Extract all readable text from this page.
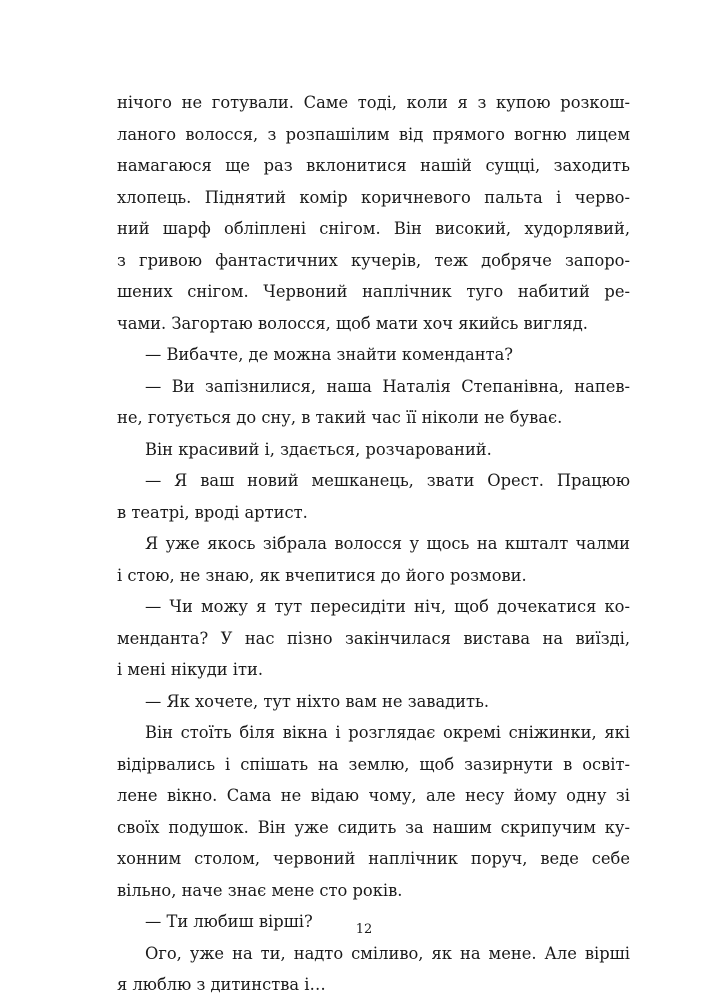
нічого не готували. Саме тоді, коли я з купою розкош-
ланого волосся, з розпашілим від прямого вогню лицем
намагаюся ще раз вклонитися нашій сущці, заходить
хлопець. Піднятий комір коричневого пальта і черво-
ний шарф обліплені снігом. Він високий, худорлявий,
з гривою фантастичних кучерів, теж добряче запоро-
шених снігом. Червоний наплічник туго набитий ре-
чами. Загортаю волосся, щоб мати хоч якийсь вигляд.
— Вибачте, де можна знайти коменданта?
— Ви запізнилися, наша Наталія Степанівна, напев-
не, готується до сну, в такий час її ніколи не буває.
Він красивий і, здається, розчарований.
— Я ваш новий мешканець, звати Орест. Працюю
в театрі, вроді артист.
Я уже якось зібрала волосся у щось на кшталт чалми
і стою, не знаю, як вчепитися до його розмови.
— Чи можу я тут пересидіти ніч, щоб дочекатися ко-
менданта? У нас пізно закінчилася вистава на виїзді,
і мені нікуди іти.
— Як хочете, тут ніхто вам не завадить.
Він стоїть біля вікна і розглядає окремі сніжинки, які
відірвались і спішать на землю, щоб зазирнути в освіт-
лене вікно. Сама не відаю чому, але несу йому одну зі
своїх подушок. Він уже сидить за нашим скрипучим ку-
хонним столом, червоний наплічник поруч, веде себе
вільно, наче знає мене сто років.
— Ти любиш вірші?
Ого, уже на ти, надто сміливо, як на мене. Але вірші
я люблю з дитинства і…
12
